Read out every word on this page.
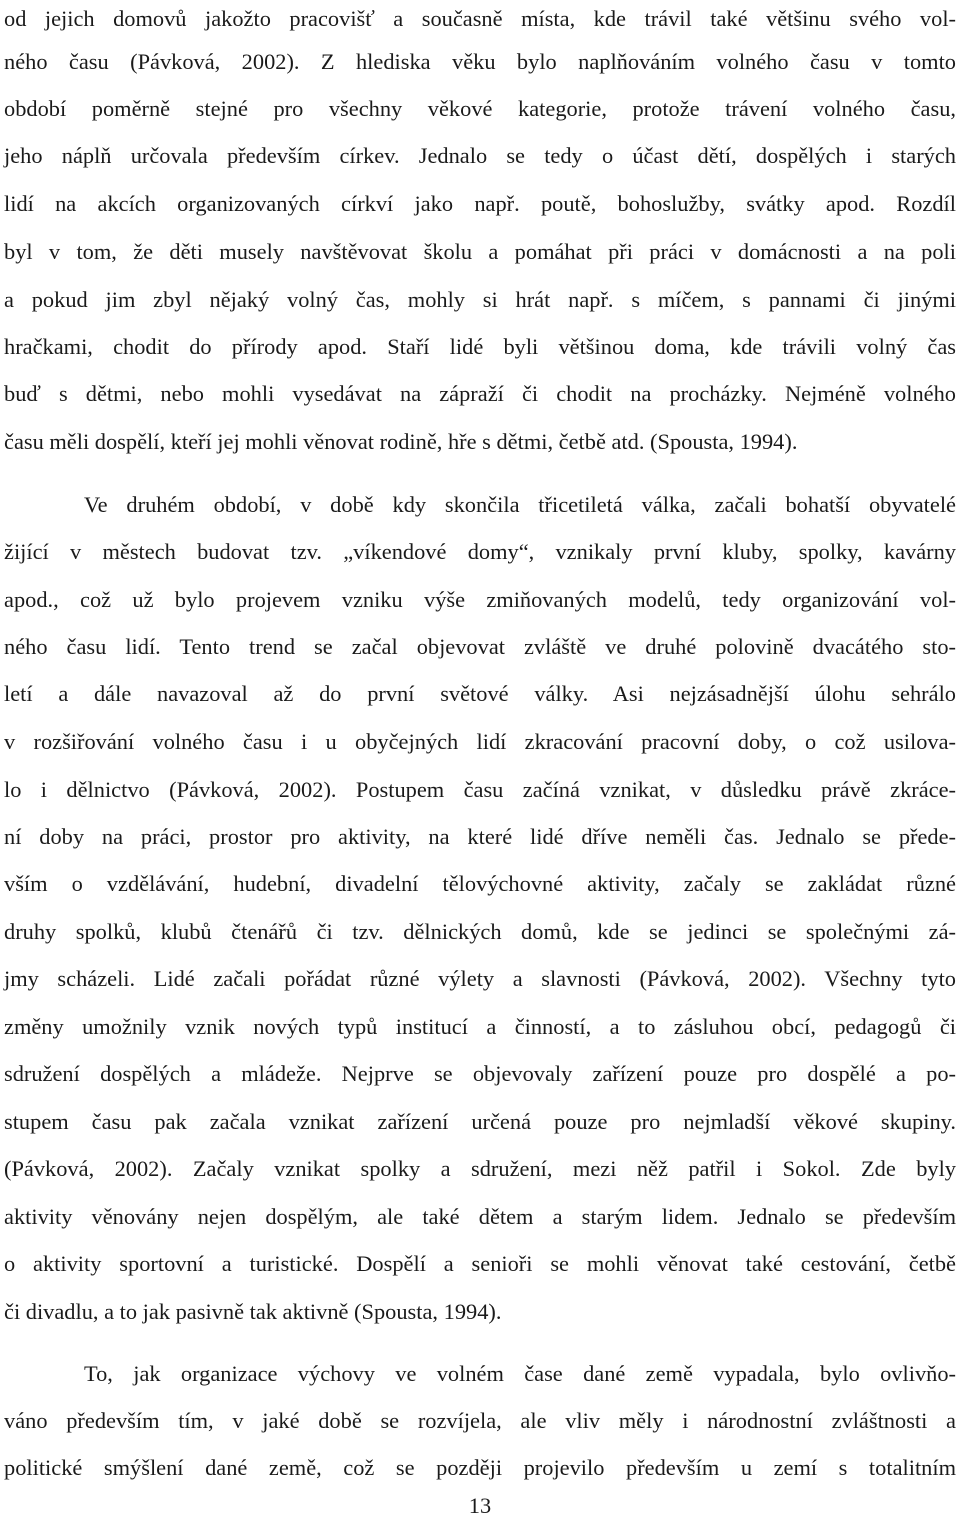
od jejich domovů jakožto pracovišť a současně místa, kde trávil také většinu svého vol-
ného času (Pávková, 2002). Z hlediska věku bylo naplňováním volného času v tomto
období poměrně stejné pro všechny věkové kategorie, protože trávení volného času,
jeho náplň určovala především církev. Jednalo se tedy o účast dětí, dospělých i starých
lidí na akcích organizovaných církví jako např. poutě, bohoslužby, svátky apod. Rozdíl
byl v tom, že děti musely navštěvovat školu a pomáhat při práci v domácnosti a na poli
a pokud jim zbyl nějaký volný čas, mohly si hrát např. s míčem, s pannami či jinými
hračkami, chodit do přírody apod. Staří lidé byli většinou doma, kde trávili volný čas
buď s dětmi, nebo mohli vysedávat na zápraží či chodit na procházky. Nejméně volného
času měli dospělí, kteří jej mohli věnovat rodině, hře s dětmi, četbě atd. (Spousta, 1994).
Ve druhém období, v době kdy skončila třicetiletá válka, začali bohatší obyvatelé
žijící v městech budovat tzv. „víkendové domy“, vznikaly první kluby, spolky, kavárny
apod., což už bylo projevem vzniku výše zmiňovaných modelů, tedy organizování vol-
ného času lidí. Tento trend se začal objevovat zvláště ve druhé polovině dvacátého sto-
letí a dále navazoval až do první světové války. Asi nejzásadnější úlohu sehrálo
v rozšiřování volného času i u obyčejných lidí zkracování pracovní doby, o což usilova-
lo i dělnictvo (Pávková, 2002). Postupem času začíná vznikat, v důsledku právě zkráce-
ní doby na práci, prostor pro aktivity, na které lidé dříve neměli čas. Jednalo se přede-
vším o vzdělávání, hudební, divadelní tělovýchovné aktivity, začaly se zakládat různé
druhy spolků, klubů čtenářů či tzv. dělnických domů, kde se jedinci se společnými zá-
jmy scházeli. Lidé začali pořádat různé výlety a slavnosti (Pávková, 2002). Všechny tyto
změny umožnily vznik nových typů institucí a činností, a to zásluhou obcí, pedagogů či
sdružení dospělých a mládeže. Nejprve se objevovaly zařízení pouze pro dospělé a po-
stupem času pak začala vznikat zařízení určená pouze pro nejmladší věkové skupiny.
(Pávková, 2002). Začaly vznikat spolky a sdružení, mezi něž patřil i Sokol. Zde byly
aktivity věnovány nejen dospělým, ale také dětem a starým lidem. Jednalo se především
o aktivity sportovní a turistické. Dospělí a senioři se mohli věnovat také cestování, četbě
či divadlu, a to jak pasivně tak aktivně (Spousta, 1994).
To, jak organizace výchovy ve volném čase dané země vypadala, bylo ovlivňo-
váno především tím, v jaké době se rozvíjela, ale vliv měly i národnostní zvláštnosti a
politické smýšlení dané země, což se později projevilo především u zemí s totalitním
13
